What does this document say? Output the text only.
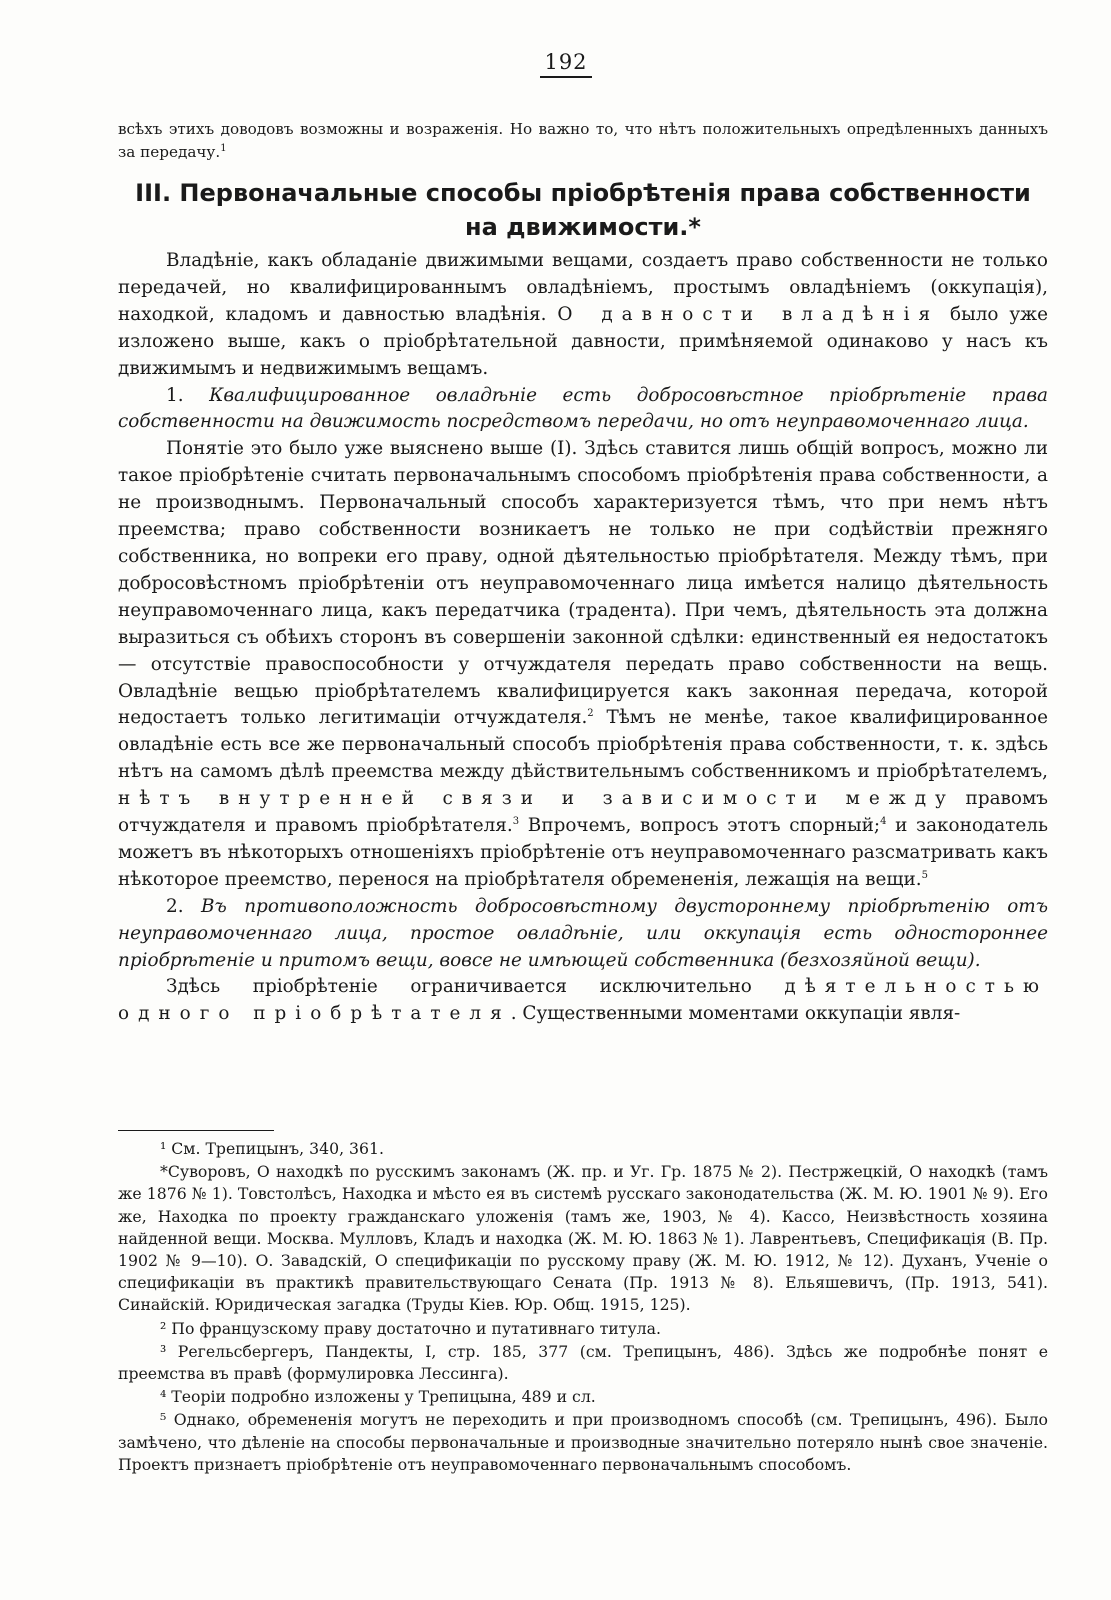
192
всѣхъ этихъ доводовъ возможны и возраженія. Но важно то, что нѣтъ положительныхъ опредѣленныхъ данныхъ за передачу.$^1$
III. Первоначальные способы пріобрѣтенія права собственности
на движимости.*

Владѣніе, какъ обладаніе движимыми вещами, создаетъ право собственности не только передачей, но квалифицированнымъ овладѣніемъ, простымъ овладѣніемъ (оккупація), находкой, кладомъ и давностью владѣнія. О давности владѣнія было уже изложено выше, какъ о пріобрѣтательной давности, примѣняемой одинаково у насъ къ движимымъ и недвижимымъ вещамъ.

1. Квалифицированное овладѣніе есть добросовѣстное пріобрѣтеніе права собственности на движимость посредствомъ передачи, но отъ неуправомоченнаго лица.

Понятіе это было уже выяснено выше (I). Здѣсь ставится лишь общій вопросъ, можно ли такое пріобрѣтеніе считать первоначальнымъ способомъ пріобрѣтенія права собственности, а не производнымъ. Первоначальный способъ характеризуется тѣмъ, что при немъ нѣтъ преемства; право собственности возникаетъ не только не при содѣйствіи прежняго собственника, но вопреки его праву, одной дѣятельностью пріобрѣтателя. Между тѣмъ, при добросовѣстномъ пріобрѣтеніи отъ неуправомоченнаго лица имѣется налицо дѣятельность неуправомоченнаго лица, какъ передатчика (традента). При чемъ, дѣятельность эта должна выразиться съ обѣихъ сторонъ въ совершеніи законной сдѣлки: единственный ея недостатокъ — отсутствіе правоспособности у отчуждателя передать право собственности на вещь. Овладѣніе вещью пріобрѣтателемъ квалифицируется какъ законная передача, которой недостаетъ только легитимаціи отчуждателя.$^2$ Тѣмъ не менѣе, такое квалифицированное овладѣніе есть все же первоначальный способъ пріобрѣтенія права собственности, т. к. здѣсь нѣтъ на самомъ дѣлѣ преемства между дѣйствительнымъ собственникомъ и пріобрѣтателемъ, нѣтъ внутренней связи и зависимости между правомъ отчуждателя и правомъ пріобрѣтателя.$^3$ Впрочемъ, вопросъ этотъ спорный;$^4$ и законодатель можетъ въ нѣкоторыхъ отношеніяхъ пріобрѣтеніе отъ неуправомоченнаго разсматривать какъ нѣкоторое преемство, перенося на пріобрѣтателя обремененія, лежащія на вещи.$^5$

2. Въ противоположность добросовѣстному двустороннему пріобрѣтенію отъ неуправомоченнаго лица, простое овладѣніе, или оккупація есть одностороннее пріобрѣтеніе и притомъ вещи, вовсе не имѣющей собственника (безхозяйной вещи).

Здѣсь пріобрѣтеніе ограничивается исключительно дѣятельностью одного пріобрѣтателя. Существенными моментами оккупаціи явля-

¹ См. Трепицынъ, 340, 361.

*Суворовъ, О находкѣ по русскимъ законамъ (Ж. пр. и Уг. Гр. 1875 № 2). Пестржецкій, О находкѣ (тамъ же 1876 № 1). Товстолѣсъ, Находка и мѣсто ея въ системѣ русскаго законодательства (Ж. М. Ю. 1901 № 9). Его же, Находка по проекту гражданскаго уложенія (тамъ же, 1903, № 4). Кассо, Неизвѣстность хозяина найденной вещи. Москва. Мулловъ, Кладъ и находка (Ж. М. Ю. 1863 № 1). Лаврентьевъ, Спецификація (В. Пр. 1902 № 9—10). О. Завадскій, О спецификаціи по русскому праву (Ж. М. Ю. 1912, № 12). Духанъ, Ученіе о спецификаціи въ практикѣ правительствующаго Сената (Пр. 1913 № 8). Ельяшевичъ, (Пр. 1913, 541). Синайскій. Юридическая загадка (Труды Кіев. Юр. Общ. 1915, 125).

² По французскому праву достаточно и путативнаго титула.

³ Регельсбергеръ, Пандекты, I, стр. 185, 377 (см. Трепицынъ, 486). Здѣсь же подробнѣе понят е преемства въ правѣ (формулировка Лессинга).

⁴ Теоріи подробно изложены у Трепицына, 489 и сл.

⁵ Однако, обремененія могутъ не переходить и при производномъ способѣ (см. Трепицынъ, 496). Было замѣчено, что дѣленіе на способы первоначальные и производные значительно потеряло нынѣ свое значеніе. Проектъ признаетъ пріобрѣтеніе отъ неуправомоченнаго первоначальнымъ способомъ.
